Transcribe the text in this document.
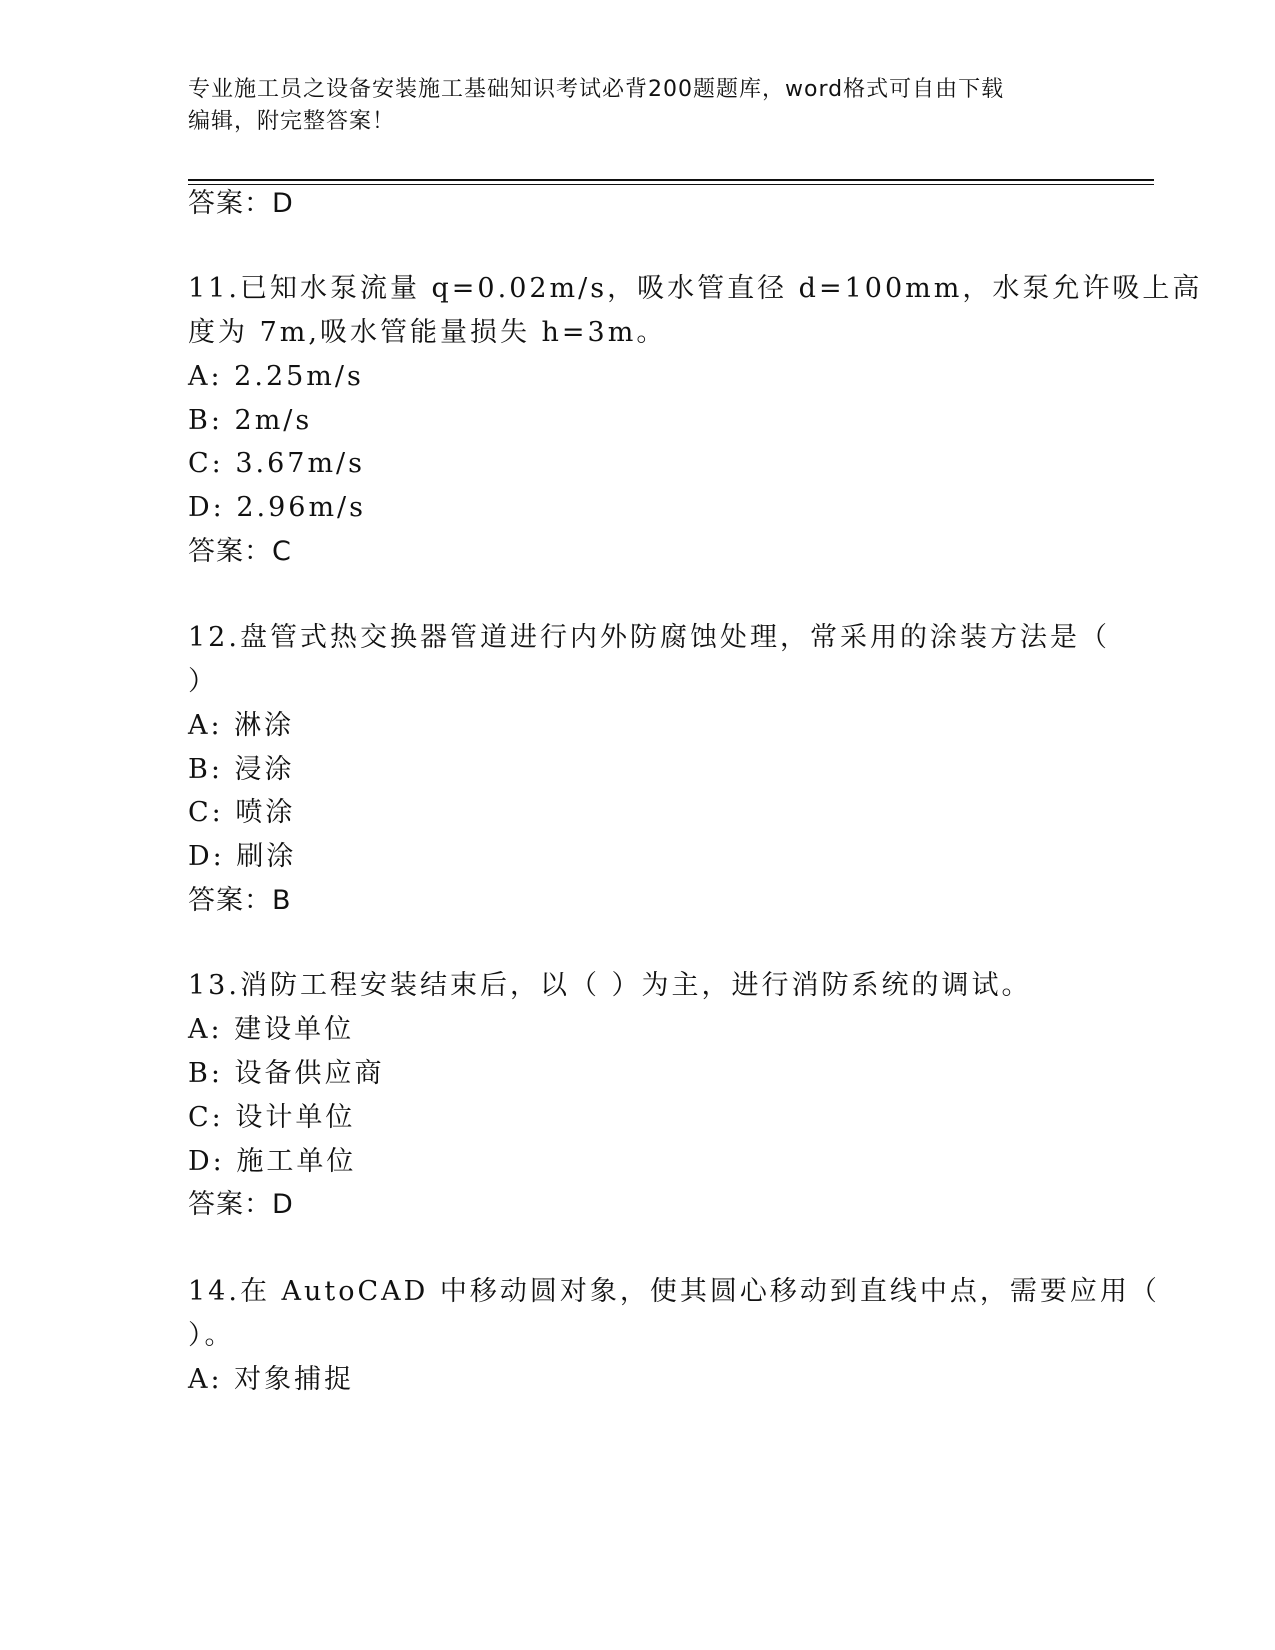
专业施工员之设备安装施工基础知识考试必背200题题库，word格式可自由下载
编辑，附完整答案！
答案：D
11.已知水泵流量 q=0.02m/s，吸水管直径 d=100mm，水泵允许吸上高
度为 7m,吸水管能量损失 h=3m。
A: 2.25m/s
B: 2m/s
C: 3.67m/s
D: 2.96m/s
答案：C
12.盘管式热交换器管道进行内外防腐蚀处理，常采用的涂装方法是（
）
A: 淋涂
B: 浸涂
C: 喷涂
D: 刷涂
答案：B
13.消防工程安装结束后，以（ ）为主，进行消防系统的调试。
A: 建设单位
B: 设备供应商
C: 设计单位
D: 施工单位
答案：D
14.在 AutoCAD 中移动圆对象，使其圆心移动到直线中点，需要应用（
）。
A: 对象捕捉
